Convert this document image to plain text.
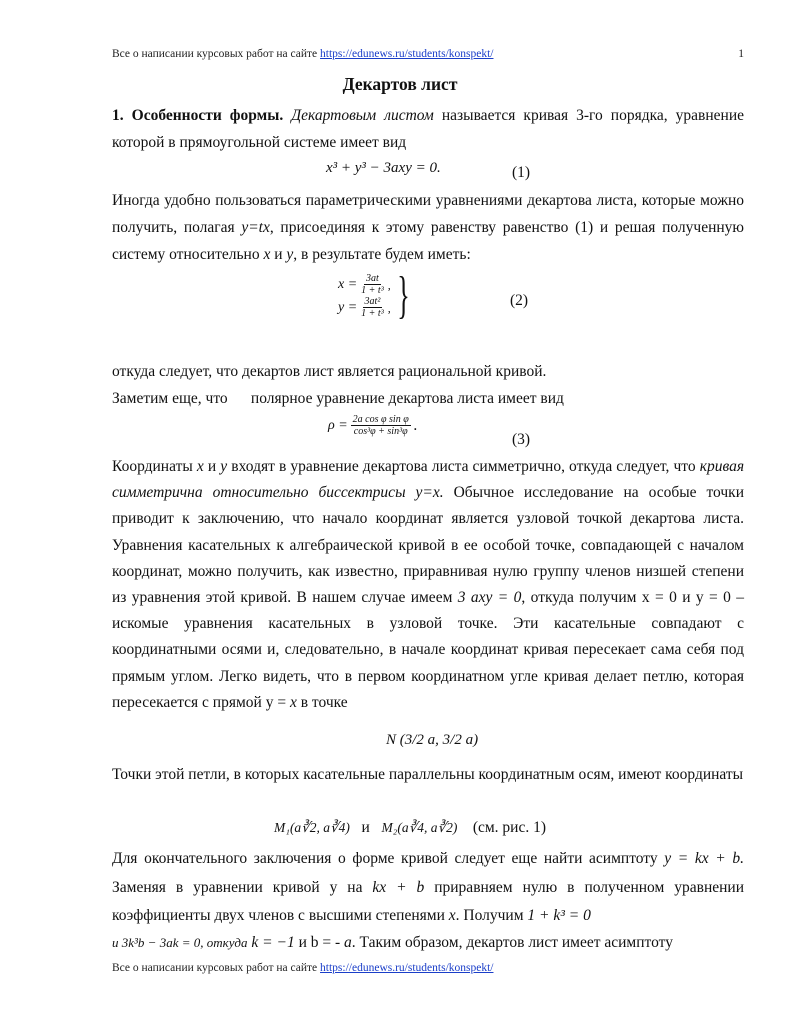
Все о написании курсовых работ на сайте https://edunews.ru/students/konspekt/	1
Декартов лист
1. Особенности формы. Декартовым листом называется кривая 3-го порядка, уравнение которой в прямоугольной системе имеет вид
x³ + y³ − 3axy = 0.	(1)
Иногда удобно пользоваться параметрическими уравнениями декартова листа, которые можно получить, полагая y=tx, присоединяя к этому равенству равенство (1) и решая полученную систему относительно x и y, в результате будем иметь:
$x = \frac{3at}{\text{1 + t³}}$ ,
$y = \frac{\text{3at²}}{\text{1 + t³}}$ , }	(2)
откуда следует, что декартов лист является рациональной кривой.
Заметим еще, что      полярное уравнение декартова листа имеет вид
$\rho = \frac{\text{2a cos φ sin φ}}{\text{cos³φ + sin³φ}}$ .
(3)
Координаты x и y входят в уравнение декартова листа симметрично, откуда следует, что кривая симметрична относительно биссектрисы y=x. Обычное исследование на особые точки приводит к заключению, что начало координат является узловой точкой декартова листа. Уравнения касательных к алгебраической кривой в ее особой точке, совпадающей с началом координат, можно получить, как известно, приравнивая нулю группу членов низшей степени из уравнения этой кривой. В нашем случае имеем 3 axy = 0, откуда получим x = 0 и y = 0 – искомые уравнения касательных в узловой точке. Эти касательные совпадают с координатными осями и, следовательно, в начале координат кривая пересекает сама себя под прямым углом. Легко видеть, что в первом координатном угле кривая делает петлю, которая пересекается с прямой y = x в точке
N (3/2 a, 3/2 a)
Точки этой петли, в которых касательные параллельны координатным осям, имеют координаты
M₁(a∛2, a∛4) и M₂(a∛4, a∛2) (см. рис. 1)
Для окончательного заключения о форме кривой следует еще найти асимптоту y = kx + b. Заменяя в уравнении кривой y на kx + b приравняем нулю в полученном уравнении коэффициенты двух членов с высшими степенями x. Получим 1 + k³ = 0
и 3k³b − 3ak = 0, откуда k = −1 и b = - a. Таким образом, декартов лист имеет асимптоту
Все о написании курсовых работ на сайте https://edunews.ru/students/konspekt/
